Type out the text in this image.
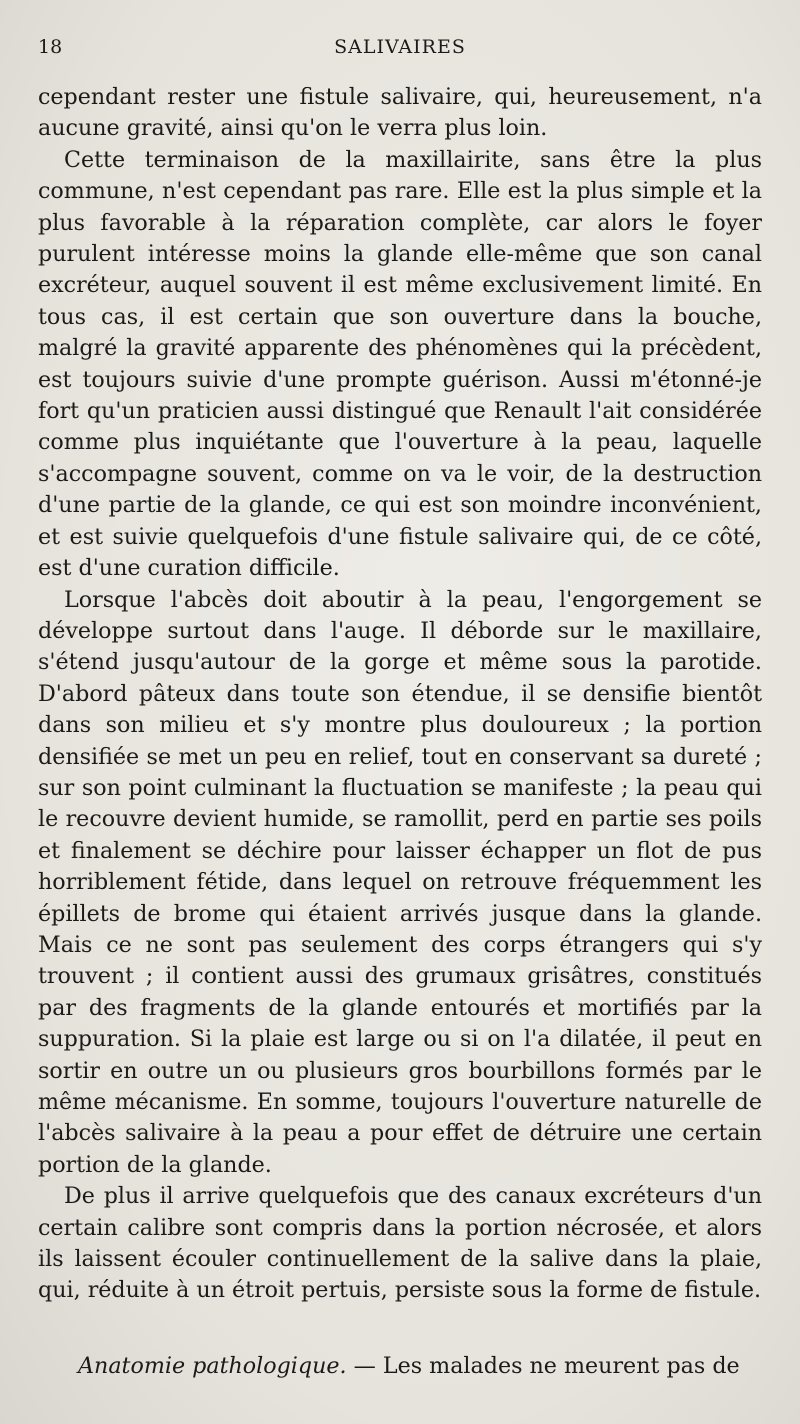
18	SALIVAIRES

cependant rester une fistule salivaire, qui, heureusement, n'a aucune gravité, ainsi qu'on le verra plus loin.

Cette terminaison de la maxillairite, sans être la plus commune, n'est cependant pas rare. Elle est la plus simple et la plus favorable à la réparation complète, car alors le foyer purulent intéresse moins la glande elle-même que son canal excréteur, auquel souvent il est même exclusivement limité. En tous cas, il est certain que son ouverture dans la bouche, malgré la gravité apparente des phénomènes qui la précèdent, est toujours suivie d'une prompte guérison. Aussi m'étonné-je fort qu'un praticien aussi distingué que Renault l'ait considérée comme plus inquiétante que l'ouverture à la peau, laquelle s'accompagne souvent, comme on va le voir, de la destruction d'une partie de la glande, ce qui est son moindre inconvénient, et est suivie quelquefois d'une fistule salivaire qui, de ce côté, est d'une curation difficile.

Lorsque l'abcès doit aboutir à la peau, l'engorgement se développe surtout dans l'auge. Il déborde sur le maxillaire, s'étend jusqu'autour de la gorge et même sous la parotide. D'abord pâteux dans toute son étendue, il se densifie bientôt dans son milieu et s'y montre plus douloureux ; la portion densifiée se met un peu en relief, tout en conservant sa dureté ; sur son point culminant la fluctuation se manifeste ; la peau qui le recouvre devient humide, se ramollit, perd en partie ses poils et finalement se déchire pour laisser échapper un flot de pus horriblement fétide, dans lequel on retrouve fréquemment les épillets de brome qui étaient arrivés jusque dans la glande. Mais ce ne sont pas seulement des corps étrangers qui s'y trouvent ; il contient aussi des grumaux grisâtres, constitués par des fragments de la glande entourés et mortifiés par la suppuration. Si la plaie est large ou si on l'a dilatée, il peut en sortir en outre un ou plusieurs gros bourbillons formés par le même mécanisme. En somme, toujours l'ouverture naturelle de l'abcès salivaire à la peau a pour effet de détruire une certain portion de la glande.

De plus il arrive quelquefois que des canaux excréteurs d'un certain calibre sont compris dans la portion nécrosée, et alors ils laissent écouler continuellement de la salive dans la plaie, qui, réduite à un étroit pertuis, persiste sous la forme de fistule.

Anatomie pathologique. — Les malades ne meurent pas de
